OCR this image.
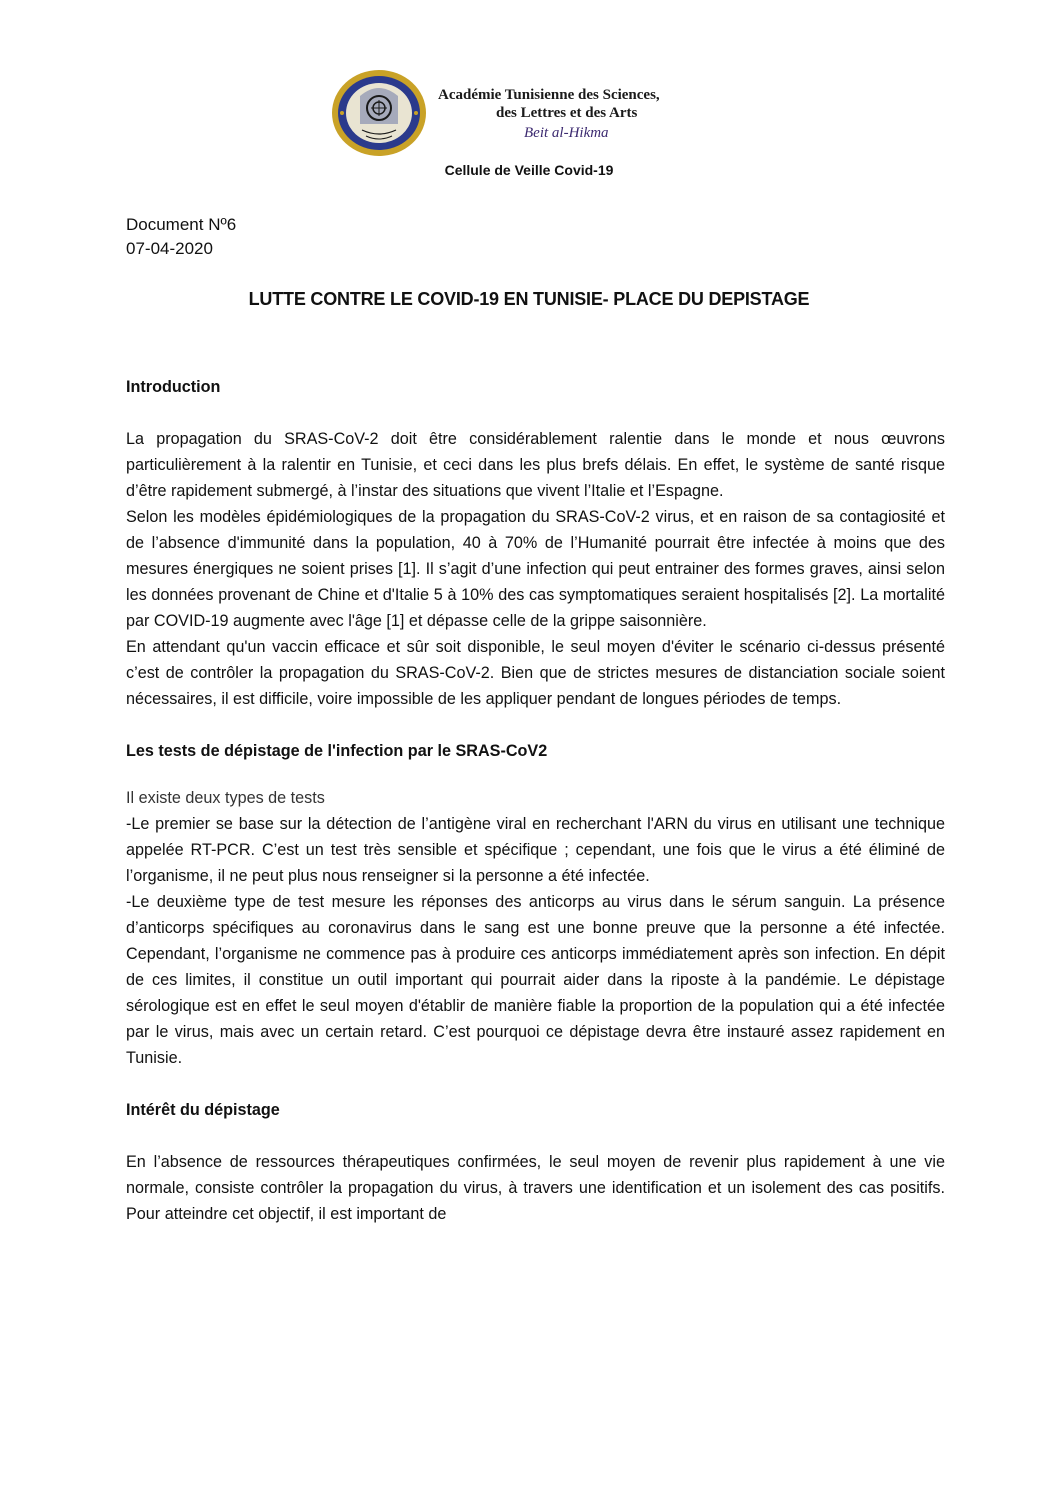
Académie Tunisienne des Sciences,
des Lettres et des Arts
Beit al-Hikma
Cellule de Veille Covid-19
Document Nº6
07-04-2020
LUTTE CONTRE LE COVID-19 EN TUNISIE- PLACE DU DEPISTAGE
Introduction

La propagation du SRAS-CoV-2 doit être considérablement ralentie dans le monde et nous œuvrons particulièrement à la ralentir en Tunisie, et ceci dans les plus brefs délais. En effet, le système de santé risque d’être rapidement submergé, à l’instar des situations que vivent l’Italie et l’Espagne.

Selon les modèles épidémiologiques de la propagation du SRAS-CoV-2 virus, et en raison de sa contagiosité et de l’absence d'immunité dans la population, 40 à 70% de l’Humanité pourrait être infectée à moins que des mesures énergiques ne soient prises [1]. Il s’agit d’une infection qui peut entrainer des formes graves, ainsi selon les données provenant de Chine et d'Italie 5 à 10% des cas symptomatiques seraient hospitalisés [2]. La mortalité par COVID-19 augmente avec l'âge [1] et dépasse celle de la grippe saisonnière.

En attendant qu'un vaccin efficace et sûr soit disponible, le seul moyen d'éviter le scénario ci-dessus présenté c’est de contrôler la propagation du SRAS-CoV-2. Bien que de strictes mesures de distanciation sociale soient nécessaires, il est difficile, voire impossible de les appliquer pendant de longues périodes de temps.

Les tests de dépistage de l'infection par le SRAS-CoV2

Il existe deux types de tests

-Le premier se base sur la détection de l’antigène viral en recherchant l'ARN du virus en utilisant une technique appelée RT-PCR. C’est un test très sensible et spécifique ; cependant, une fois que le virus a été éliminé de l’organisme, il ne peut plus nous renseigner si la personne a été infectée.

-Le deuxième type de test mesure les réponses des anticorps au virus dans le sérum sanguin. La présence d’anticorps spécifiques au coronavirus dans le sang est une bonne preuve que la personne a été infectée. Cependant, l’organisme ne commence pas à produire ces anticorps immédiatement après son infection. En dépit de ces limites, il constitue un outil important qui pourrait aider dans la riposte à la pandémie. Le dépistage sérologique est en effet le seul moyen d'établir de manière fiable la proportion de la population qui a été infectée par le virus, mais avec un certain retard. C’est pourquoi ce dépistage devra être instauré assez rapidement en Tunisie.

Intérêt du dépistage

En l’absence de ressources thérapeutiques confirmées, le seul moyen de revenir plus rapidement à une vie normale, consiste contrôler la propagation du virus, à travers une identification et un isolement des cas positifs. Pour atteindre cet objectif, il est important de
